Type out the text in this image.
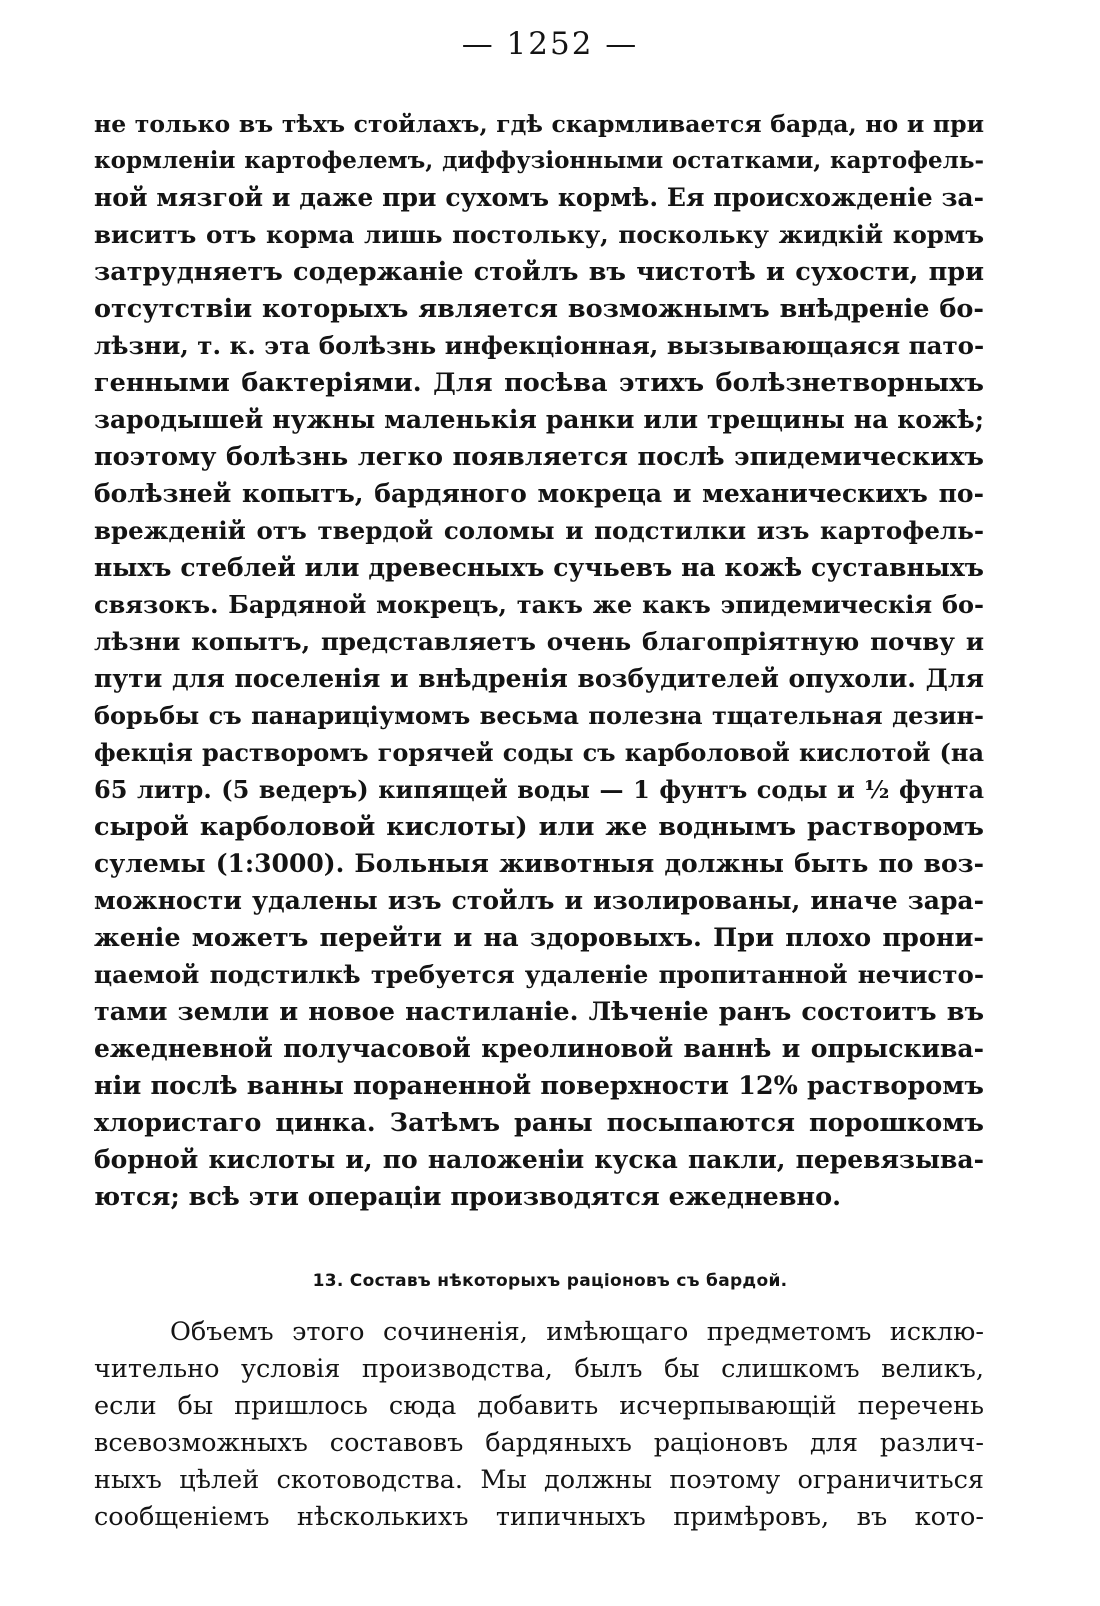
— 1252 —
не только въ тѣхъ стойлахъ, гдѣ скармливается барда, но и при
кормленіи картофелемъ, диффузіонными остатками, картофель-
ной мязгой и даже при сухомъ кормѣ. Ея происхожденіе за-
виситъ отъ корма лишь постольку, поскольку жидкій кормъ
затрудняетъ содержаніе стойлъ въ чистотѣ и сухости, при
отсутствіи которыхъ является возможнымъ внѣдреніе бо-
лѣзни, т. к. эта болѣзнь инфекціонная, вызывающаяся пато-
генными бактеріями. Для посѣва этихъ болѣзнетворныхъ
зародышей нужны маленькія ранки или трещины на кожѣ;
поэтому болѣзнь легко появляется послѣ эпидемическихъ
болѣзней копытъ, бардяного мокреца и механическихъ по-
врежденій отъ твердой соломы и подстилки изъ картофель-
ныхъ стеблей или древесныхъ сучьевъ на кожѣ суставныхъ
связокъ. Бардяной мокрецъ, такъ же какъ эпидемическія бо-
лѣзни копытъ, представляетъ очень благопріятную почву и
пути для поселенія и внѣдренія возбудителей опухоли. Для
борьбы съ панарицiумомъ весьма полезна тщательная дезин-
фекція растворомъ горячей соды съ карболовой кислотой (на
65 литр. (5 ведеръ) кипящей воды — 1 фунтъ соды и ½ фунта
сырой карболовой кислоты) или же воднымъ растворомъ
сулемы (1:3000). Больныя животныя должны быть по воз-
можности удалены изъ стойлъ и изолированы, иначе зара-
женіе можетъ перейти и на здоровыхъ. При плохо прони-
цаемой подстилкѣ требуется удаленіе пропитанной нечисто-
тами земли и новое настиланіе. Лѣченіе ранъ состоитъ въ
ежедневной получасовой креолиновой ваннѣ и опрыскива-
ніи послѣ ванны пораненной поверхности 12% растворомъ
хлористаго цинка. Затѣмъ раны посыпаются порошкомъ
борной кислоты и, по наложеніи куска пакли, перевязыва-
ются; всѣ эти операціи производятся ежедневно.
13. Составъ нѣкоторыхъ раціоновъ съ бардой.
Объемъ этого сочиненія, имѣющаго предметомъ исклю-
чительно условія производства, былъ бы слишкомъ великъ,
если бы пришлось сюда добавить исчерпывающій перечень
всевозможныхъ составовъ бардяныхъ раціоновъ для различ-
ныхъ цѣлей скотоводства. Мы должны поэтому ограничиться
сообщеніемъ нѣсколькихъ типичныхъ примѣровъ, въ кото-
